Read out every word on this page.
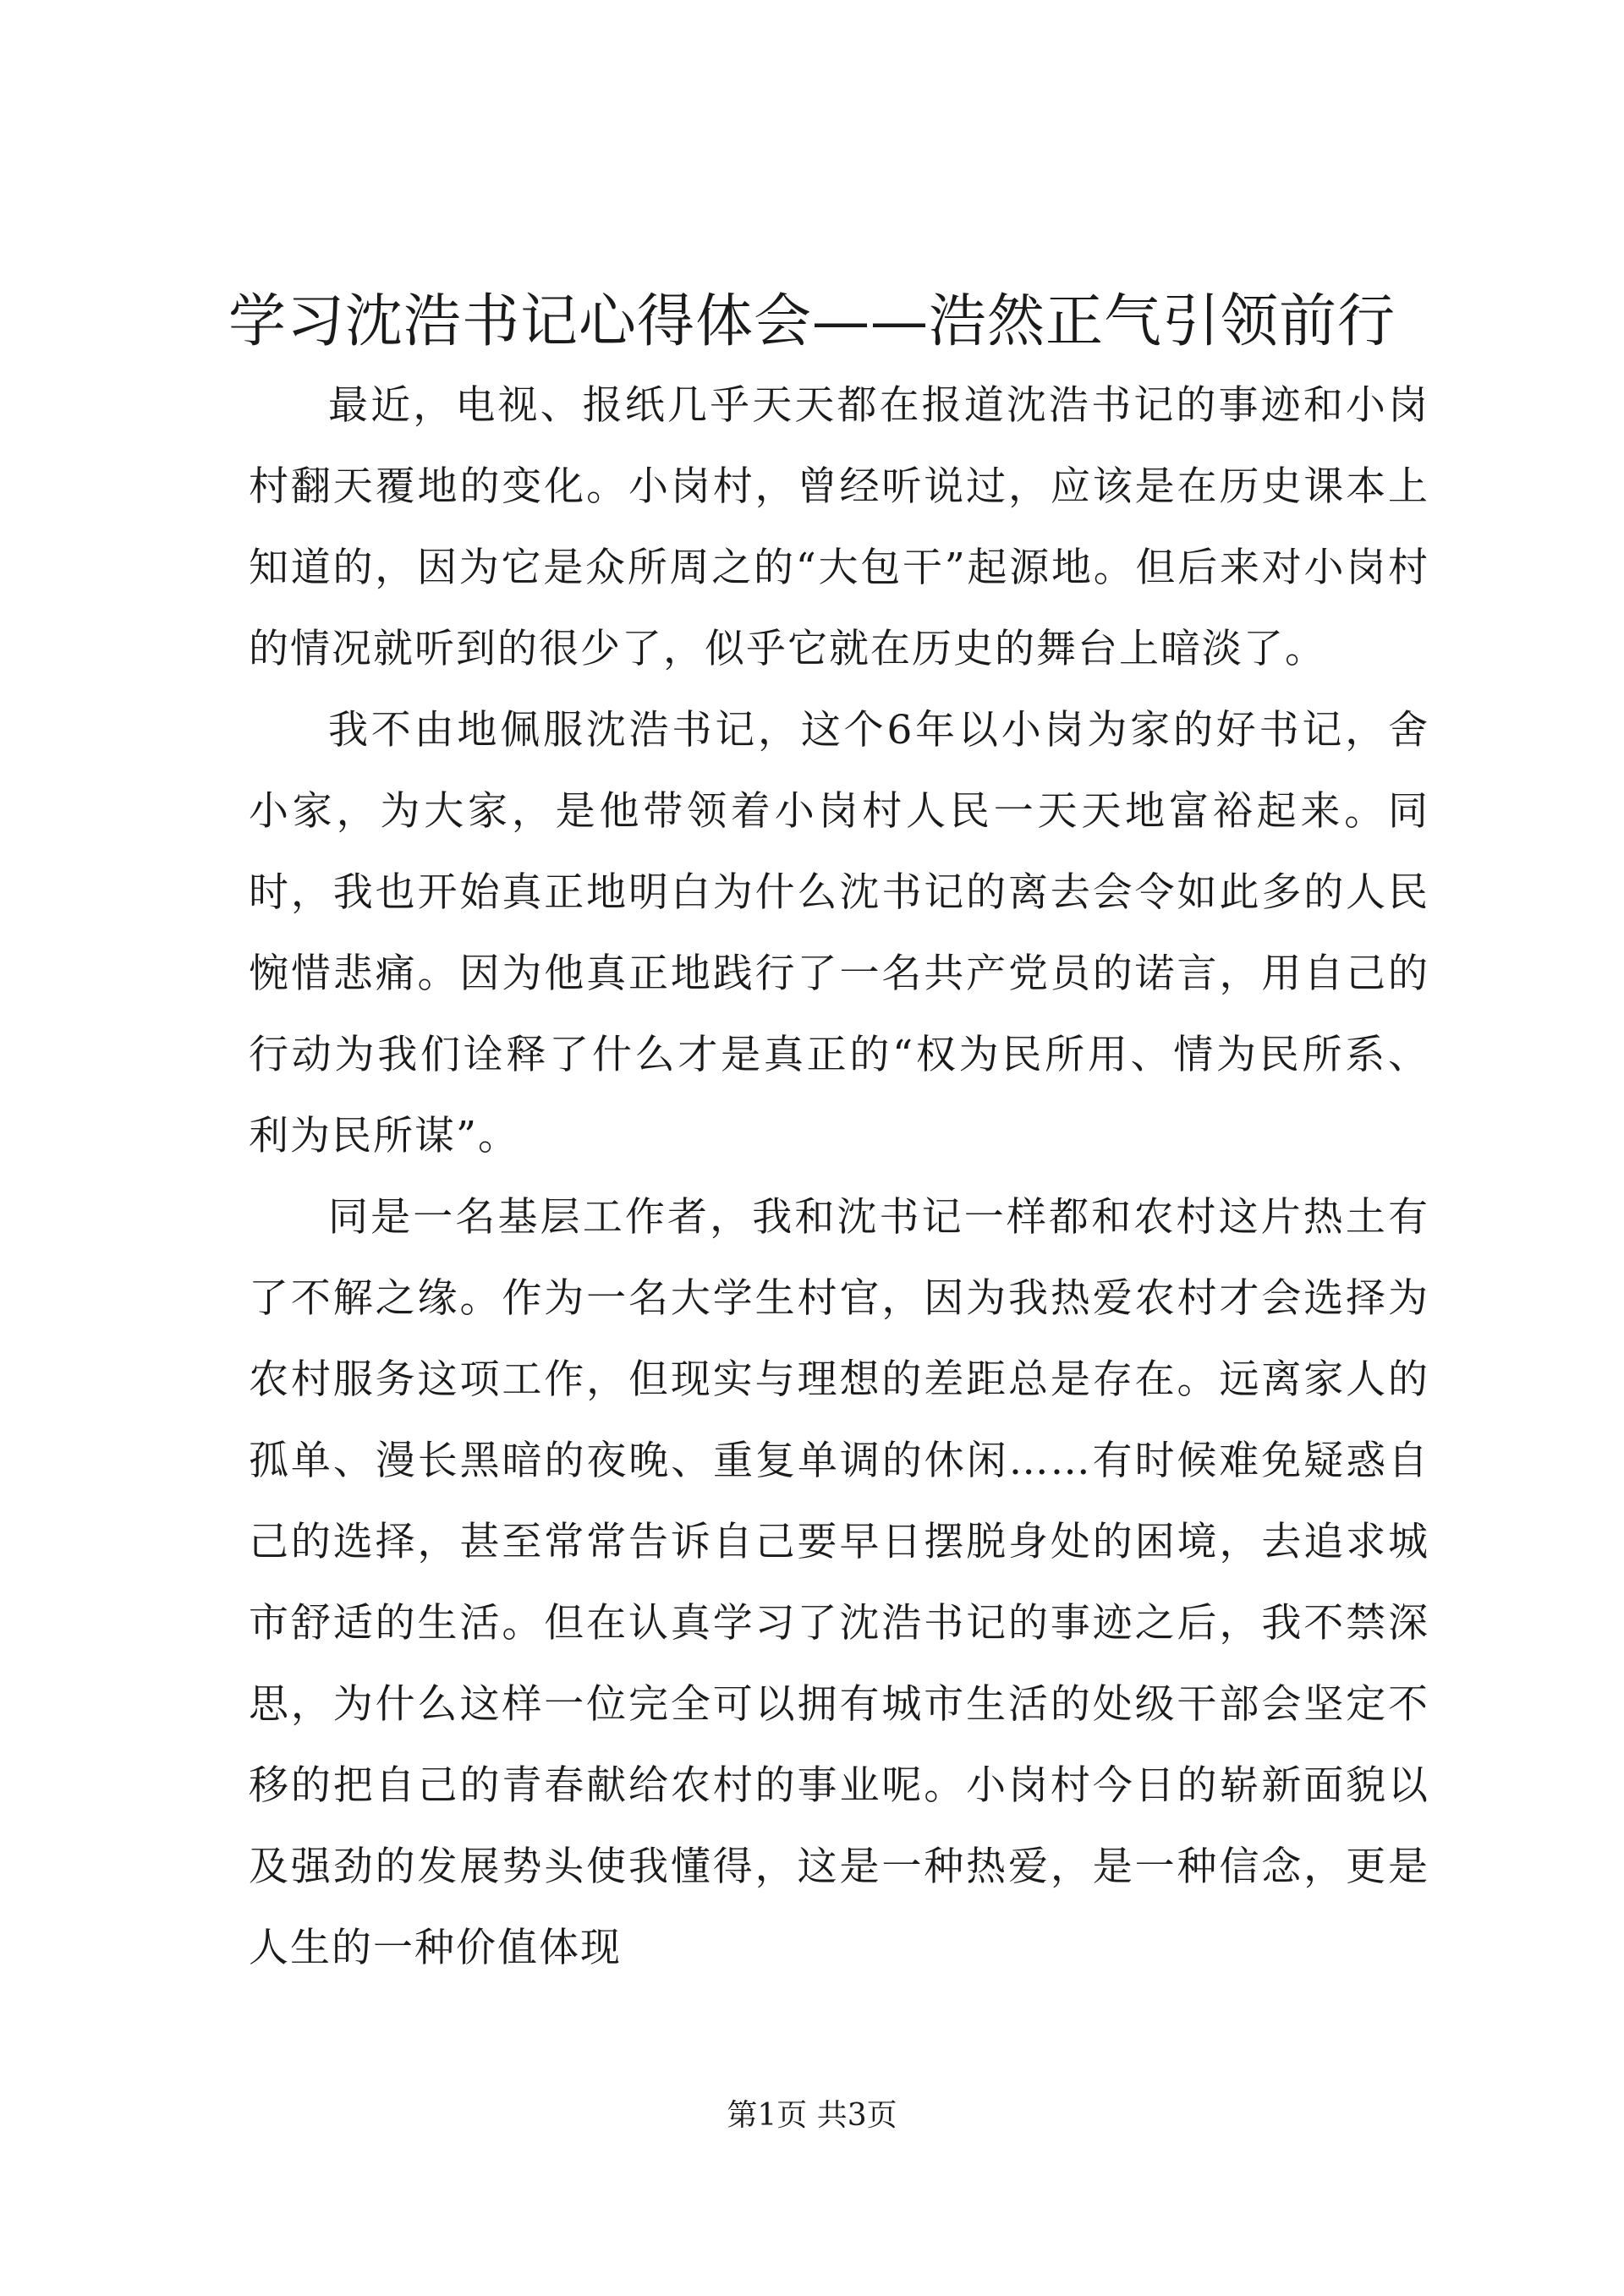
学习沈浩书记心得体会——浩然正气引领前行

最近，电视、报纸几乎天天都在报道沈浩书记的事迹和小岗村翻天覆地的变化。小岗村，曾经听说过，应该是在历史课本上知道的，因为它是众所周之的“大包干”起源地。但后来对小岗村的情况就听到的很少了，似乎它就在历史的舞台上暗淡了。

我不由地佩服沈浩书记，这个6年以小岗为家的好书记，舍小家，为大家，是他带领着小岗村人民一天天地富裕起来。同时，我也开始真正地明白为什么沈书记的离去会令如此多的人民惋惜悲痛。因为他真正地践行了一名共产党员的诺言，用自己的行动为我们诠释了什么才是真正的“权为民所用、情为民所系、利为民所谋”。

同是一名基层工作者，我和沈书记一样都和农村这片热土有了不解之缘。作为一名大学生村官，因为我热爱农村才会选择为农村服务这项工作，但现实与理想的差距总是存在。远离家人的孤单、漫长黑暗的夜晚、重复单调的休闲……有时候难免疑惑自己的选择，甚至常常告诉自己要早日摆脱身处的困境，去追求城市舒适的生活。但在认真学习了沈浩书记的事迹之后，我不禁深思，为什么这样一位完全可以拥有城市生活的处级干部会坚定不移的把自己的青春献给农村的事业呢。小岗村今日的崭新面貌以及强劲的发展势头使我懂得，这是一种热爱，是一种信念，更是人生的一种价值体现

第1页 共3页
